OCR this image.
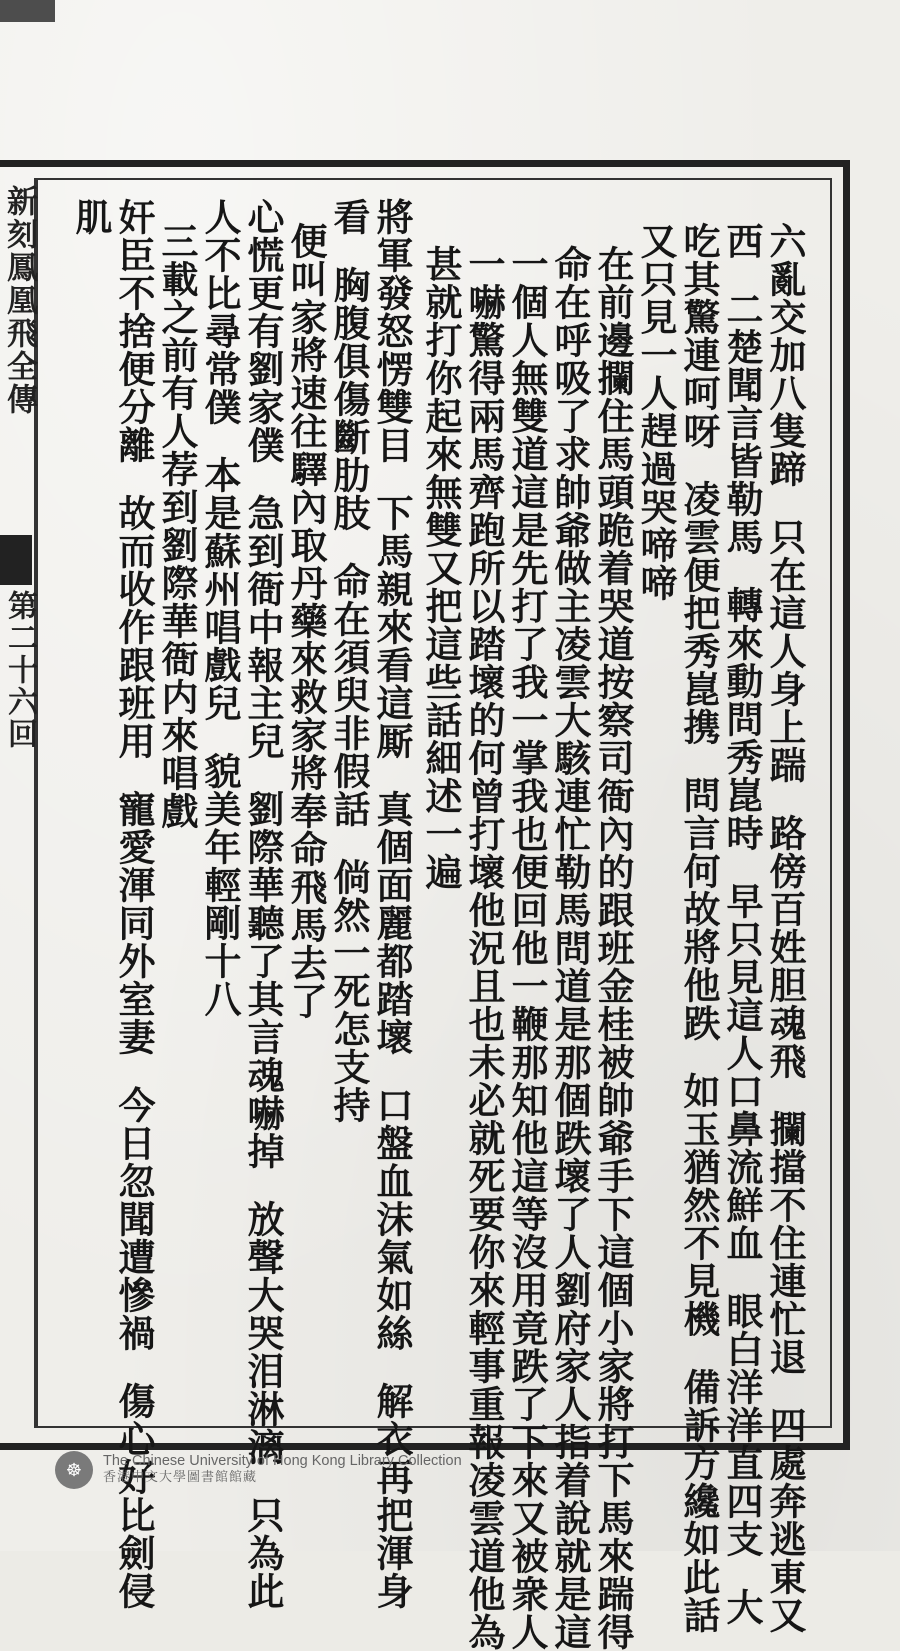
新刻鳳凰飛全傳
第二十六回
六亂交加八隻蹄只在這人身上踹路傍百姓胆魂飛攔擋不住連忙退四處奔逃東又
西二楚聞言皆勒馬轉來動問秀崑時早只見這人口鼻流鮮血眼白洋洋直四支大
吃其驚連呵呀凌雲便把秀崑携問言何故將他跌如玉猶然不見機備訴方纔如此話
又只見一人趕過哭啼啼
在前邊攔住馬頭跪着哭道按察司衙內的跟班金桂被帥爺手下這個小家將打下馬來踹得
命在呼吸了求帥爺做主凌雲大駭連忙勒馬問道是那個跌壞了人劉府家人指着說就是這
一個人無雙道這是先打了我一掌我也便回他一鞭那知他這等沒用竟跌了下來又被衆人
一嚇驚得兩馬齊跑所以踏壞的何曾打壞他況且也未必就死要你來輕事重報凌雲道他為
甚就打你起來無雙又把這些話細述一遍
將軍發怒愣雙目下馬親來看這厮真個面麗都踏壞口盤血沫氣如絲解衣再把渾身
看胸腹俱傷斷肋肢命在須臾非假話倘然一死怎支持
便叫家將速往驛內取丹藥來救家將奉命飛馬去了
心慌更有劉家僕急到衙中報主兒劉際華聽了其言魂嚇掉放聲大哭泪淋漓只為此
人不比尋常僕本是蘇州唱戲兒貌美年輕剛十八
三載之前有人荐到劉際華衙内來唱戲
奸臣不捨便分離故而收作跟班用寵愛渾同外室妻今日忽聞遭慘禍傷心好比劍侵
肌
☸	The Chinese University of Hong Kong Library Collection
香港中文大學圖書館館藏
